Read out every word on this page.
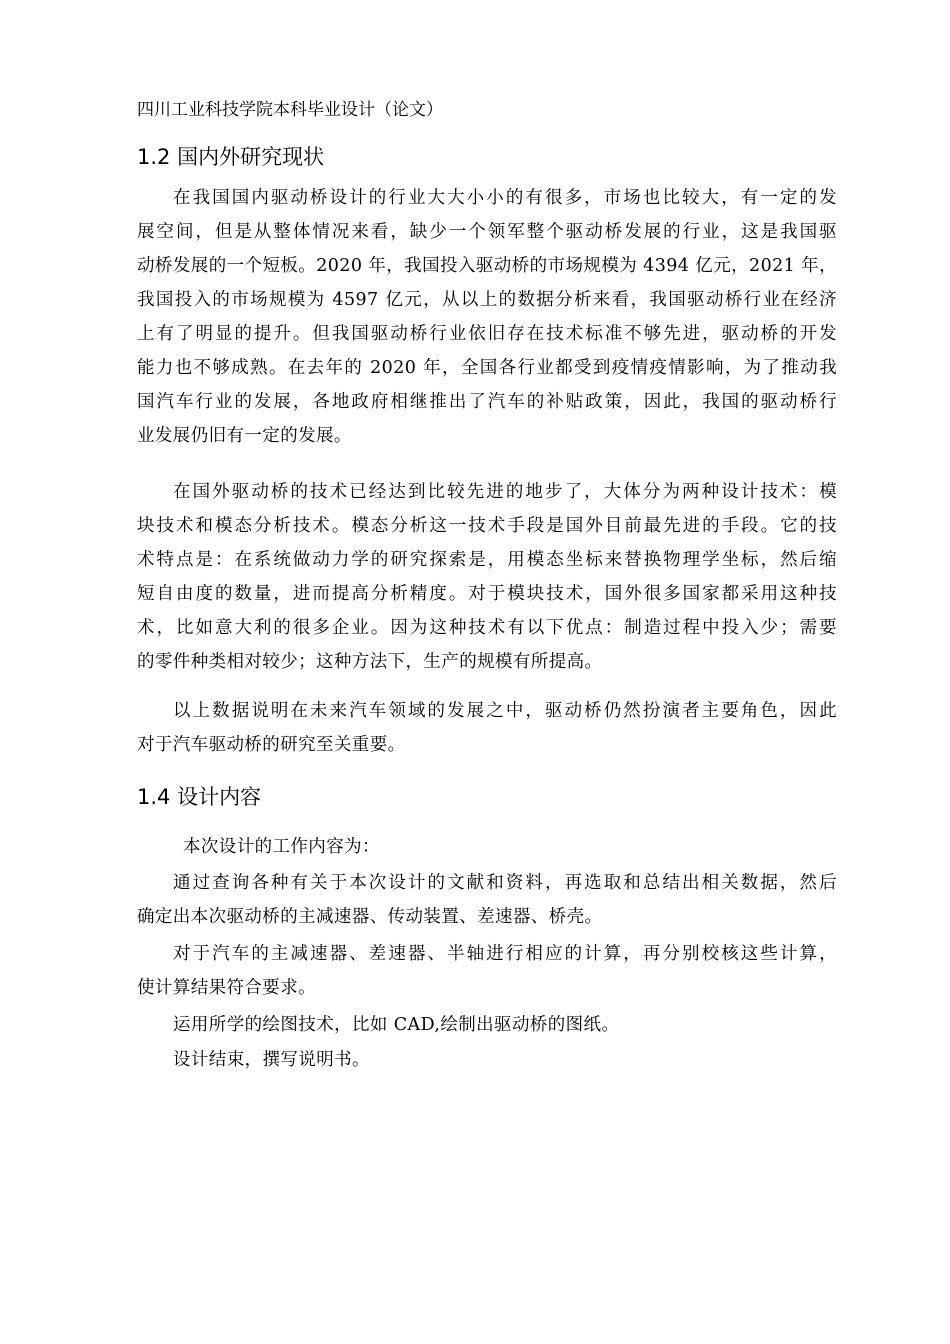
四川工业科技学院本科毕业设计（论文）
1.2 国内外研究现状
在我国国内驱动桥设计的行业大大小小的有很多，市场也比较大，有一定的发
展空间，但是从整体情况来看，缺少一个领军整个驱动桥发展的行业，这是我国驱
动桥发展的一个短板。2020 年，我国投入驱动桥的市场规模为 4394 亿元，2021 年，
我国投入的市场规模为 4597 亿元，从以上的数据分析来看，我国驱动桥行业在经济
上有了明显的提升。但我国驱动桥行业依旧存在技术标准不够先进，驱动桥的开发
能力也不够成熟。在去年的 2020 年，全国各行业都受到疫情疫情影响，为了推动我
国汽车行业的发展，各地政府相继推出了汽车的补贴政策，因此，我国的驱动桥行
业发展仍旧有一定的发展。
在国外驱动桥的技术已经达到比较先进的地步了，大体分为两种设计技术：模
块技术和模态分析技术。模态分析这一技术手段是国外目前最先进的手段。它的技
术特点是：在系统做动力学的研究探索是，用模态坐标来替换物理学坐标，然后缩
短自由度的数量，进而提高分析精度。对于模块技术，国外很多国家都采用这种技
术，比如意大利的很多企业。因为这种技术有以下优点：制造过程中投入少；需要
的零件种类相对较少；这种方法下，生产的规模有所提高。
以上数据说明在未来汽车领域的发展之中，驱动桥仍然扮演者主要角色，因此
对于汽车驱动桥的研究至关重要。
1.4 设计内容
本次设计的工作内容为：
通过查询各种有关于本次设计的文献和资料，再选取和总结出相关数据，然后
确定出本次驱动桥的主减速器、传动装置、差速器、桥壳。
对于汽车的主减速器、差速器、半轴进行相应的计算，再分别校核这些计算，
使计算结果符合要求。
运用所学的绘图技术，比如 CAD,绘制出驱动桥的图纸。
设计结束，撰写说明书。
